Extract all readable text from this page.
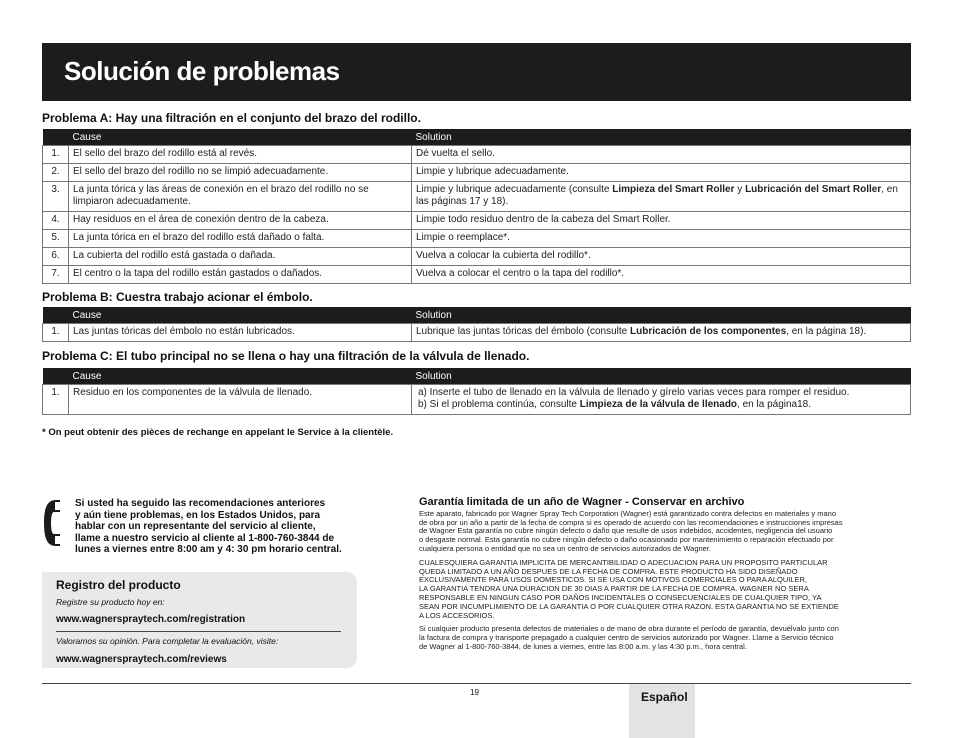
Solución de problemas
Problema A: Hay una filtración en el conjunto del brazo del rodillo.
	Cause	Solution
1.	El sello del brazo del rodillo está al revés.	Dé vuelta el sello.
2.	El sello del brazo del rodillo no se limpió adecuadamente.	Limpie y lubrique adecuadamente.
3.	La junta tórica y las áreas de conexión en el brazo del rodillo no se limpiaron adecuadamente.	Limpie y lubrique adecuadamente (consulte Limpieza del Smart Roller y Lubricación del Smart Roller, en las páginas 17 y 18).
4.	Hay residuos en el área de conexión dentro de la cabeza.	Limpie todo residuo dentro de la cabeza del Smart Roller.
5.	La junta tórica en el brazo del rodillo está dañado o falta.	Limpie o reemplace*.
6.	La cubierta del rodillo está gastada o dañada.	Vuelva a colocar la cubierta del rodillo*.
7.	El centro o la tapa del rodillo están gastados o dañados.	Vuelva a colocar el centro o la tapa del rodillo*.
Problema B: Cuestra trabajo acionar el émbolo.
	Cause	Solution
1.	Las juntas tóricas del émbolo no están lubricados.	Lubrique las juntas tóricas del émbolo (consulte Lubricación de los componentes, en la página 18).
Problema C: El tubo principal no se llena o hay una filtración de la válvula de llenado.
	Cause	Solution
1.	Residuo en los componentes de la válvula de llenado.	a) Inserte el tubo de llenado en la válvula de llenado y gírelo varias veces para romper el residuo.
b) Si el problema continúa, consulte Limpieza de la válvula de llenado, en la página18.
* On peut obtenir des pièces de rechange en appelant le Service à la clientèle.
Si usted ha seguido las recomendaciones anteriores
y aún tiene problemas, en los Estados Unidos, para
hablar con un representante del servicio al cliente,
llame a nuestro servicio al cliente al 1-800-760-3844 de
lunes a viernes entre 8:00 am y 4: 30 pm horario central.
Registro del producto
Registre su producto hoy en:
www.wagnerspraytech.com/registration
Valoramos su opinión. Para completar la evaluación, visite:
www.wagnerspraytech.com/reviews
Garantía limitada de un año de Wagner - Conservar en archivo

Este aparato, fabricado por Wagner Spray Tech Corporation (Wagner) está garantizado contra defectos en materiales y mano
de obra por un año a partir de la fecha de compra si es operado de acuerdo con las recomendaciones e instrucciones impresas
de Wagner Esta garantía no cubre ningún defecto o daño que resulte de usos indebidos, accidentes, negligencia del usuario
o desgaste normal. Esta garantía no cubre ningún defecto o daño ocasionado por mantenimiento o reparación efectuado por
cualquiera persona o entidad que no sea un centro de servicios autorizados de Wagner.

CUALESQUIERA GARANTIA IMPLICITA DE MERCANTIBILIDAD O ADECUACION PARA UN PROPOSITO PARTICULAR
QUEDA LIMITADO A UN AÑO DESPUES DE LA FECHA DE COMPRA. ESTE PRODUCTO HA SIDO DISEÑADO
EXCLUSIVAMENTE PARA USOS DOMESTICOS. SI SE USA CON MOTIVOS COMERCIALES O PARA ALQUILER,
LA GARANTIA TENDRA UNA DURACION DE 30 DIAS A PARTIR DE LA FECHA DE COMPRA. WAGNER NO SERA
RESPONSABLE EN NINGUN CASO POR DAÑOS INCIDENTALES O CONSECUENCIALES DE CUALQUIER TIPO, YA
SEAN POR INCUMPLIMIENTO DE LA GARANTIA O POR CUALQUIER OTRA RAZON. ESTA GARANTIA NO SE EXTIENDE
A LOS ACCESORIOS.

Si cualquier producto presenta defectos de materiales o de mano de obra durante el período de garantía, devuélvalo junto con
la factura de compra y transporte prepagado a cualquier centro de servicios autorizado por Wagner. Llame a Servicio técnico
de Wagner al 1-800-760-3844, de lunes a viernes, entre las 8:00 a.m. y las 4:30 p.m., hora central.

19	Español
